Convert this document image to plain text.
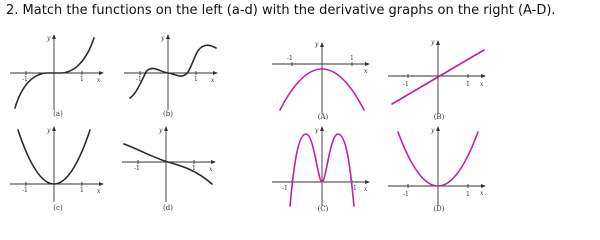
2. Match the functions on the left (a-d) with the derivative graphs on the right (A-D).
-1	1 x
y
(a)
-1	1 x
y
(b)
-1	1 x
y
(c)
-1	1 x
y
(d)
-1	1
x
y
(A)
-1	1 x
y
(B)
-1	1 x
y
(C)
-1	1 x
y
(D)
